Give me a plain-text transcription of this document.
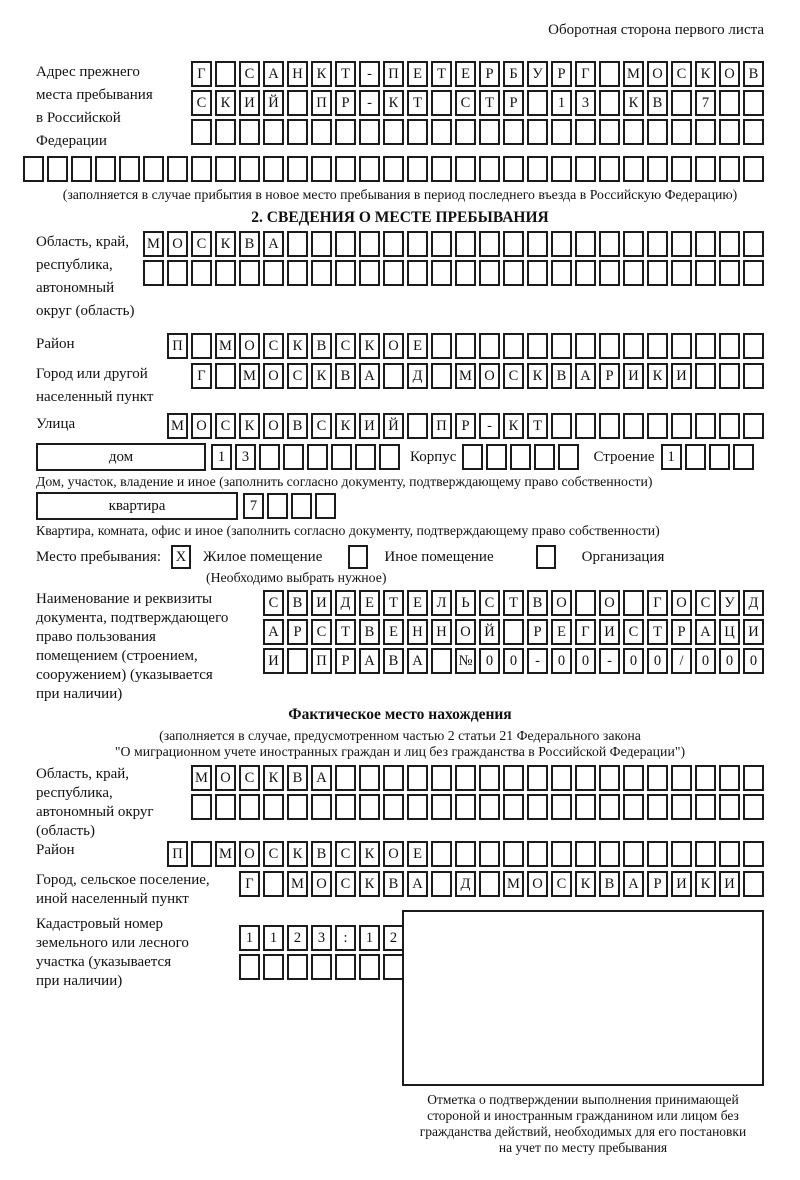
Оборотная сторона первого листа
Адрес прежнего
места пребывания
в Российской
Федерации
Г	С А Н К	Т	-	П Е	Т	Е	Р	Б	У	Р	Г	М О С К О В
С К И Й	П	Р	-	К	Т	С	Т	Р	1	3	К В	7
(заполняется в случае прибытия в новое место пребывания в период последнего въезда в Российскую Федерацию)
2. СВЕДЕНИЯ О МЕСТЕ ПРЕБЫВАНИЯ
Область, край,
республика,
автономный
округ (область)
М О С К В А
Район	П	М О С К В С К О Е
Город или другой
населенный пункт
Г	М О С К В А	Д	М О С К В А	Р	И К И
Улица	М О С К О В С К И Й	П	Р	-	К	Т
дом	1	3	Корпус	Строение 1
Дом, участок, владение и иное (заполнить согласно документу, подтверждающему право собственности)
квартира	7
Квартира, комната, офис и иное (заполнить согласно документу, подтверждающему право собственности)
Место пребывания:	X	Жилое помещение	Иное помещение	Организация
(Необходимо выбрать нужное)
Наименование и реквизиты
документа, подтверждающего
право пользования
помещением (строением,
сооружением) (указывается
при наличии)
С В И Д	Е	Т	Е	Л	Ь	С	Т	В О	О	Г	О С У Д
А	Р	С	Т	В	Е Н Н О Й	Р	Е	Г	И С	Т	Р	А Ц И
И	П	Р	А В А	№ 0	0	-	0	0	-	0	0	/	0	0	0
Фактическое место нахождения
(заполняется в случае, предусмотренном частью 2 статьи 21 Федерального закона
"О миграционном учете иностранных граждан и лиц без гражданства в Российской Федерации")
Область, край,
республика,
автономный округ
(область)
М О С К В А
Район	П	М О С К В С К О Е
Город, сельское поселение,
иной населенный пункт
Г	М О С К В А	Д	М О С К В А	Р	И К И
Кадастровый номер
земельного или лесного
участка (указывается
при наличии)
1	1	2	3	:	1	2
Отметка о подтверждении выполнения принимающей
стороной и иностранным гражданином или лицом без
гражданства действий, необходимых для его постановки
на учет по месту пребывания
